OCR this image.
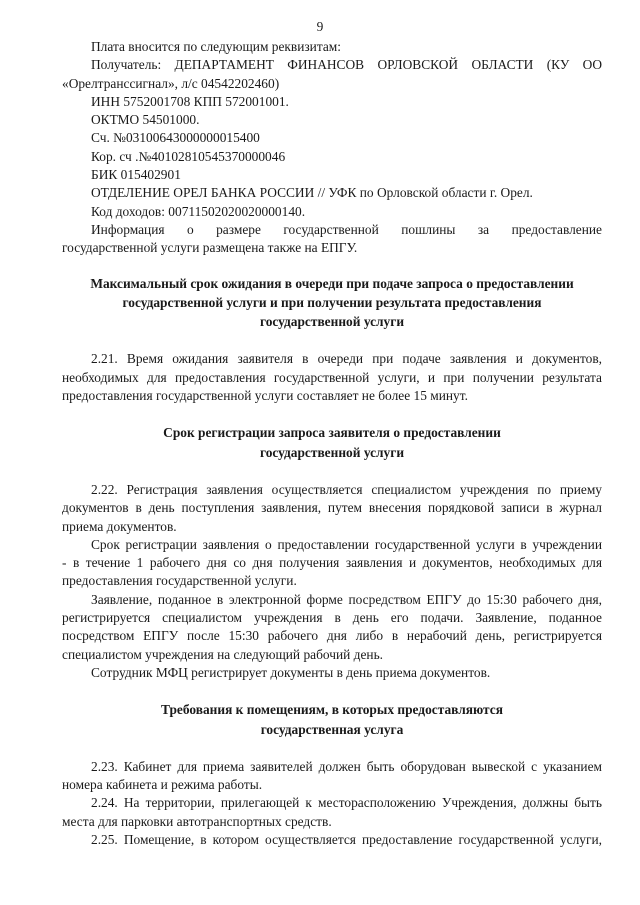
9
Плата вносится по следующим реквизитам:
Получатель: ДЕПАРТАМЕНТ ФИНАНСОВ ОРЛОВСКОЙ ОБЛАСТИ (КУ ОО
«Орелтранссигнал», л/с 04542202460)
ИНН 5752001708 КПП 572001001.
ОКТМО 54501000.
Сч. №03100643000000015400
Кор. сч .№40102810545370000046
БИК 015402901
ОТДЕЛЕНИЕ ОРЕЛ БАНКА РОССИИ // УФК по Орловской области г. Орел.
Код доходов: 00711502020020000140.
Информация о размере государственной пошлины за предоставление
государственной услуги размещена также на ЕПГУ.
Максимальный срок ожидания в очереди при подаче запроса о предоставлении
государственной услуги и при получении результата предоставления
государственной услуги
2.21. Время ожидания заявителя в очереди при подаче заявления и документов,
необходимых для предоставления государственной услуги, и при получении результата
предоставления государственной услуги составляет не более 15 минут.
Срок регистрации запроса заявителя о предоставлении
государственной услуги
2.22. Регистрация заявления осуществляется специалистом учреждения по приему
документов в день поступления заявления, путем внесения порядковой записи в журнал
приема документов.
Срок регистрации заявления о предоставлении государственной услуги в учреждении
- в течение 1 рабочего дня со дня получения заявления и документов, необходимых для
предоставления государственной услуги.
Заявление, поданное в электронной форме посредством ЕПГУ до 15:30 рабочего дня,
регистрируется специалистом учреждения в день его подачи. Заявление, поданное
посредством ЕПГУ после 15:30 рабочего дня либо в нерабочий день, регистрируется
специалистом учреждения на следующий рабочий день.
Сотрудник МФЦ регистрирует документы в день приема документов.
Требования к помещениям, в которых предоставляются
государственная услуга
2.23. Кабинет для приема заявителей должен быть оборудован вывеской с указанием
номера кабинета и режима работы.
2.24. На территории, прилегающей к месторасположению Учреждения, должны быть
места для парковки автотранспортных средств.
2.25. Помещение, в котором осуществляется предоставление государственной услуги,
